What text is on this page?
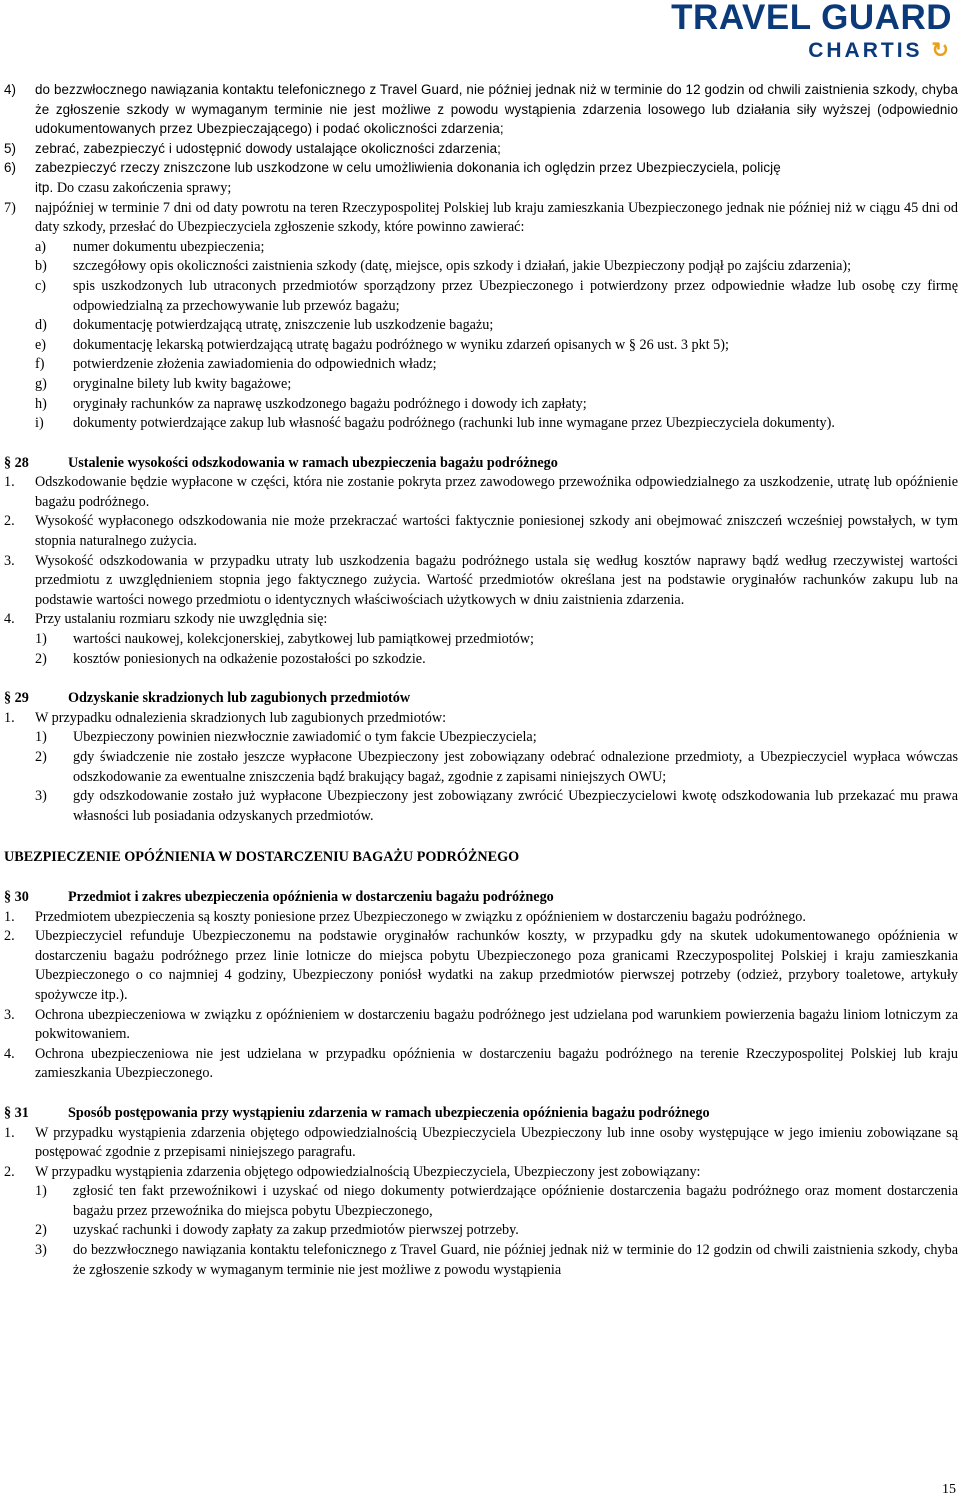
TRAVEL GUARD
CHARTIS ↻
4)	do bezzwłocznego nawiązania kontaktu telefonicznego z Travel Guard, nie później jednak niż w terminie do 12 godzin od chwili zaistnienia szkody, chyba że zgłoszenie szkody w wymaganym terminie nie jest możliwe z powodu wystąpienia zdarzenia losowego lub działania siły wyższej (odpowiednio udokumentowanych przez Ubezpieczającego) i podać okoliczności zdarzenia;
5)	zebrać, zabezpieczyć i udostępnić dowody ustalające okoliczności zdarzenia;
6)	zabezpieczyć rzeczy zniszczone lub uszkodzone w celu umożliwienia dokonania ich oględzin przez Ubezpieczyciela, policję
itp. Do czasu zakończenia sprawy;
7)	najpóźniej w terminie 7 dni od daty powrotu na teren Rzeczypospolitej Polskiej lub kraju zamieszkania Ubezpieczonego jednak nie później niż w ciągu 45 dni od daty szkody, przesłać do Ubezpieczyciela zgłoszenie szkody, które powinno zawierać:
a)	numer dokumentu ubezpieczenia;
b)	szczegółowy opis okoliczności zaistnienia szkody (datę, miejsce, opis szkody i działań, jakie Ubezpieczony podjął po zajściu zdarzenia);
c)	spis uszkodzonych lub utraconych przedmiotów sporządzony przez Ubezpieczonego i potwierdzony przez odpowiednie władze lub osobę czy firmę odpowiedzialną za przechowywanie lub przewóz bagażu;
d)	dokumentację potwierdzającą utratę, zniszczenie lub uszkodzenie bagażu;
e)	dokumentację lekarską potwierdzającą utratę bagażu podróżnego w wyniku zdarzeń opisanych w § 26 ust. 3 pkt 5);
f)	potwierdzenie złożenia zawiadomienia do odpowiednich władz;
g)	oryginalne bilety lub kwity bagażowe;
h)	oryginały rachunków za naprawę uszkodzonego bagażu podróżnego i dowody ich zapłaty;
i)	dokumenty potwierdzające zakup lub własność bagażu podróżnego (rachunki lub inne wymagane przez Ubezpieczyciela dokumenty).
§ 28	Ustalenie wysokości odszkodowania w ramach ubezpieczenia bagażu podróżnego
1.	Odszkodowanie będzie wypłacone w części, która nie zostanie pokryta przez zawodowego przewoźnika odpowiedzialnego za uszkodzenie, utratę lub opóźnienie bagażu podróżnego.
2.	Wysokość wypłaconego odszkodowania nie może przekraczać wartości faktycznie poniesionej szkody ani obejmować zniszczeń wcześniej powstałych, w tym stopnia naturalnego zużycia.
3.	Wysokość odszkodowania w przypadku utraty lub uszkodzenia bagażu podróżnego ustala się według kosztów naprawy bądź według rzeczywistej wartości przedmiotu z uwzględnieniem stopnia jego faktycznego zużycia. Wartość przedmiotów określana jest na podstawie oryginałów rachunków zakupu lub na podstawie wartości nowego przedmiotu o identycznych właściwościach użytkowych w dniu zaistnienia zdarzenia.
4.	Przy ustalaniu rozmiaru szkody nie uwzględnia się:
1)	wartości naukowej, kolekcjonerskiej, zabytkowej lub pamiątkowej przedmiotów;
2)	kosztów poniesionych na odkażenie pozostałości po szkodzie.
§ 29	Odzyskanie skradzionych lub zagubionych przedmiotów
1.	W przypadku odnalezienia skradzionych lub zagubionych przedmiotów:
1)	Ubezpieczony powinien niezwłocznie zawiadomić o tym fakcie Ubezpieczyciela;
2)	gdy świadczenie nie zostało jeszcze wypłacone Ubezpieczony jest zobowiązany odebrać odnalezione przedmioty, a Ubezpieczyciel wypłaca wówczas odszkodowanie za ewentualne zniszczenia bądź brakujący bagaż, zgodnie z zapisami niniejszych OWU;
3)	gdy odszkodowanie zostało już wypłacone Ubezpieczony jest zobowiązany zwrócić Ubezpieczycielowi kwotę odszkodowania lub przekazać mu prawa własności lub posiadania odzyskanych przedmiotów.
UBEZPIECZENIE OPÓŹNIENIA W DOSTARCZENIU BAGAŻU PODRÓŻNEGO
§ 30	Przedmiot i zakres ubezpieczenia opóźnienia w dostarczeniu bagażu podróżnego
1.	Przedmiotem ubezpieczenia są koszty poniesione przez Ubezpieczonego w związku z opóźnieniem w dostarczeniu bagażu podróżnego.
2.	Ubezpieczyciel refunduje Ubezpieczonemu na podstawie oryginałów rachunków koszty, w przypadku gdy na skutek udokumentowanego opóźnienia w dostarczeniu bagażu podróżnego przez linie lotnicze do miejsca pobytu Ubezpieczonego poza granicami Rzeczypospolitej Polskiej i kraju zamieszkania Ubezpieczonego o co najmniej 4 godziny, Ubezpieczony poniósł wydatki na zakup przedmiotów pierwszej potrzeby (odzież, przybory toaletowe, artykuły spożywcze itp.).
3.	Ochrona ubezpieczeniowa w związku z opóźnieniem w dostarczeniu bagażu podróżnego jest udzielana pod warunkiem powierzenia bagażu liniom lotniczym za pokwitowaniem.
4.	Ochrona ubezpieczeniowa nie jest udzielana w przypadku opóźnienia w dostarczeniu bagażu podróżnego na terenie Rzeczypospolitej Polskiej lub kraju zamieszkania Ubezpieczonego.
§ 31	Sposób postępowania przy wystąpieniu zdarzenia w ramach ubezpieczenia opóźnienia bagażu podróżnego
1.	W przypadku wystąpienia zdarzenia objętego odpowiedzialnością Ubezpieczyciela Ubezpieczony lub inne osoby występujące w jego imieniu zobowiązane są postępować zgodnie z przepisami niniejszego paragrafu.
2.	W przypadku wystąpienia zdarzenia objętego odpowiedzialnością Ubezpieczyciela, Ubezpieczony jest zobowiązany:
1)	zgłosić ten fakt przewoźnikowi i uzyskać od niego dokumenty potwierdzające opóźnienie dostarczenia bagażu podróżnego oraz moment dostarczenia bagażu przez przewoźnika do miejsca pobytu Ubezpieczonego,
2)	uzyskać rachunki i dowody zapłaty za zakup przedmiotów pierwszej potrzeby.
3)	do bezzwłocznego nawiązania kontaktu telefonicznego z Travel Guard, nie później jednak niż w terminie do 12 godzin od chwili zaistnienia szkody, chyba że zgłoszenie szkody w wymaganym terminie nie jest możliwe z powodu wystąpienia
15
